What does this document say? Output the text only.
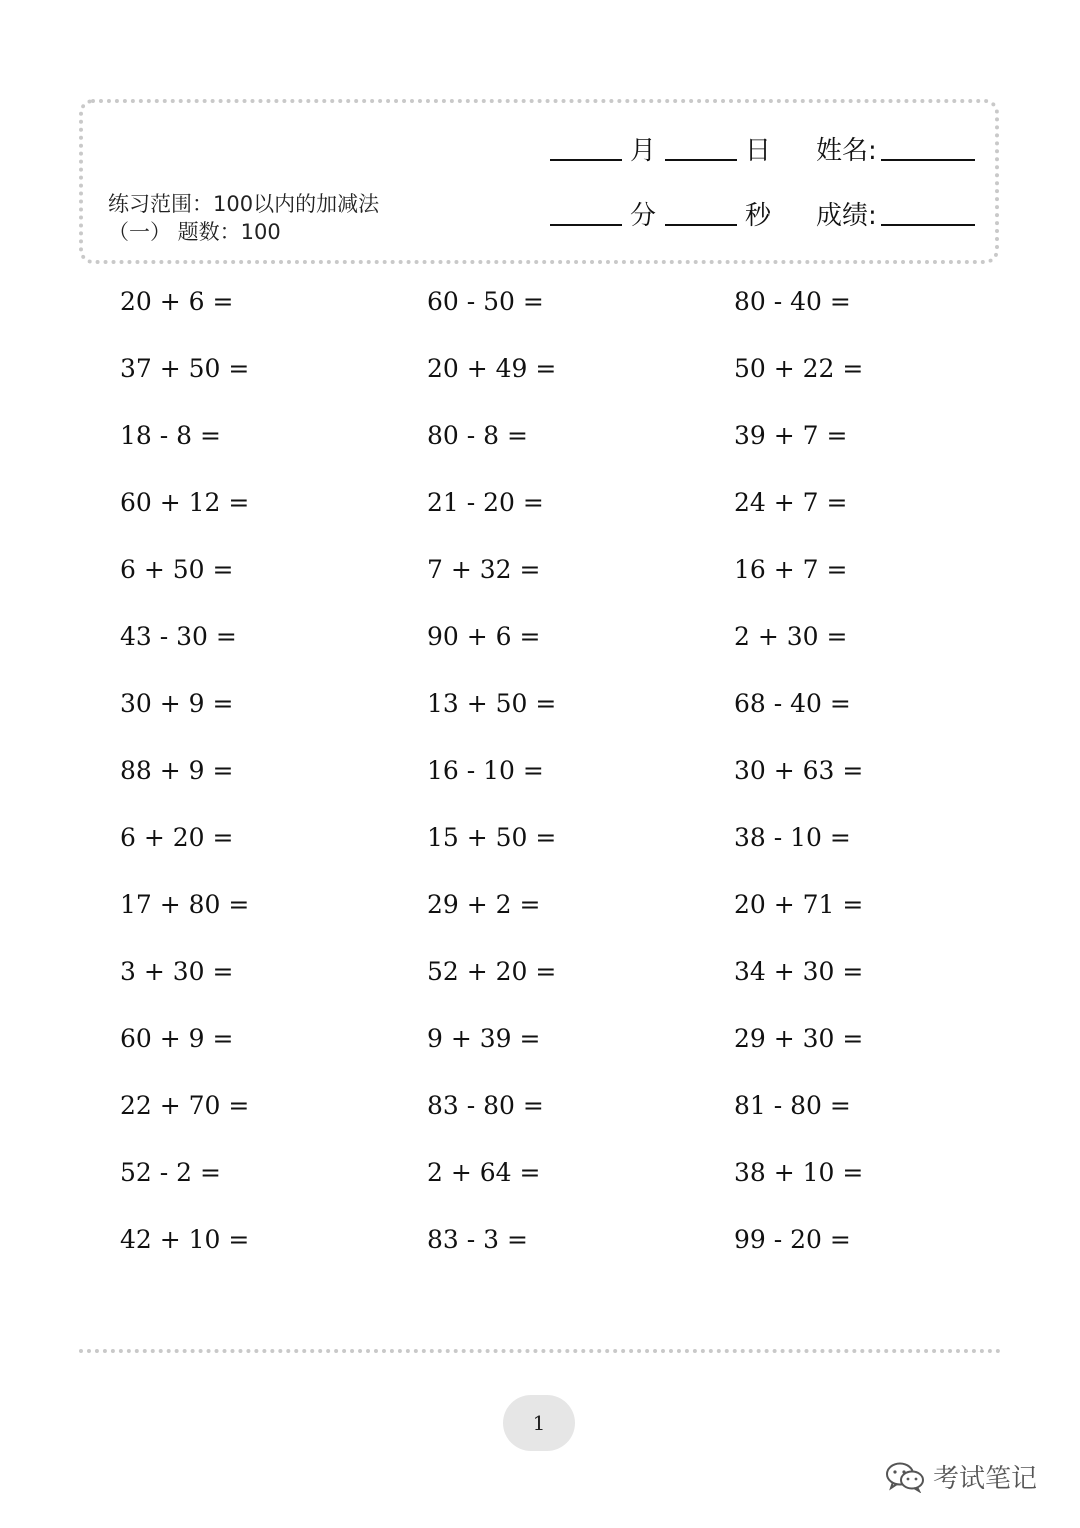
练习范围：100以内的加减法
（一） 题数：100
月	日 姓名:
分	秒 成绩:
20 + 6 =	60 - 50 =	80 - 40 =
37 + 50 =	20 + 49 =	50 + 22 =
18 - 8 =	80 - 8 =	39 + 7 =
60 + 12 =	21 - 20 =	24 + 7 =
6 + 50 =	7 + 32 =	16 + 7 =
43 - 30 =	90 + 6 =	2 + 30 =
30 + 9 =	13 + 50 =	68 - 40 =
88 + 9 =	16 - 10 =	30 + 63 =
6 + 20 =	15 + 50 =	38 - 10 =
17 + 80 =	29 + 2 =	20 + 71 =
3 + 30 =	52 + 20 =	34 + 30 =
60 + 9 =	9 + 39 =	29 + 30 =
22 + 70 =	83 - 80 =	81 - 80 =
52 - 2 =	2 + 64 =	38 + 10 =
42 + 10 =	83 - 3 =	99 - 20 =
1
考试笔记
